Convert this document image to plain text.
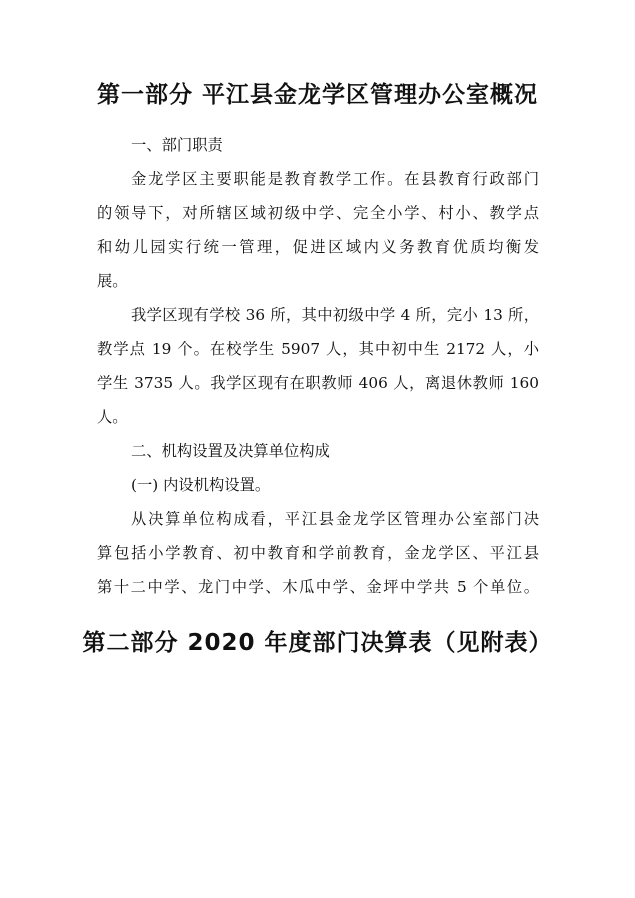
第一部分 平江县金龙学区管理办公室概况
一、部门职责
金龙学区主要职能是教育教学工作。在县教育行政部门
的领导下，对所辖区域初级中学、完全小学、村小、教学点
和幼儿园实行统一管理，促进区域内义务教育优质均衡发
展。
我学区现有学校 36 所，其中初级中学 4 所，完小 13 所，
教学点 19 个。在校学生 5907 人，其中初中生 2172 人，小
学生 3735 人。我学区现有在职教师 406 人，离退休教师 160
人。
二、机构设置及决算单位构成
(一) 内设机构设置。
从决算单位构成看，平江县金龙学区管理办公室部门决
算包括小学教育、初中教育和学前教育，金龙学区、平江县
第十二中学、龙门中学、木瓜中学、金坪中学共 5 个单位。
第二部分 2020 年度部门决算表（见附表）
